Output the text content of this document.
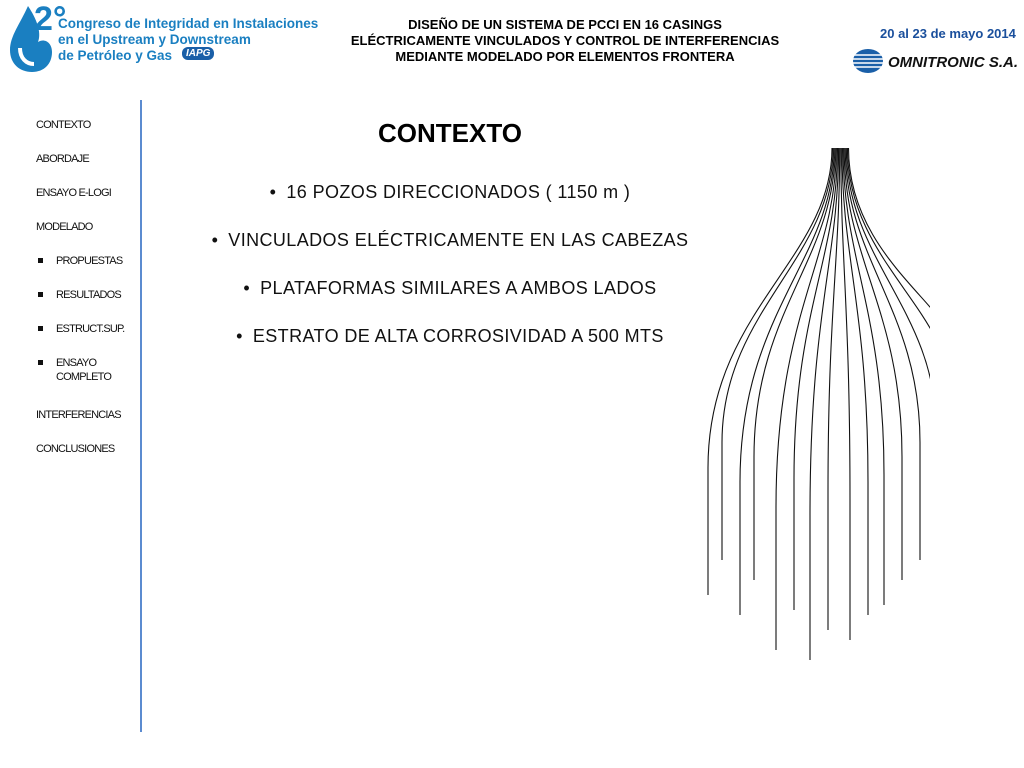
2°
Congreso de Integridad en Instalaciones
en el Upstream y Downstream
de Petróleo y Gas	IAPG
DISEÑO DE UN SISTEMA DE PCCI EN 16 CASINGS
ELÉCTRICAMENTE VINCULADOS Y CONTROL DE INTERFERENCIAS
MEDIANTE MODELADO POR ELEMENTOS FRONTERA
20 al 23 de mayo 2014
OMNITRONIC S.A.
CONTEXTO
ABORDAJE
ENSAYO E-LOGI
MODELADO
PROPUESTAS
RESULTADOS
ESTRUCT.SUP.
ENSAYO COMPLETO
INTERFERENCIAS
CONCLUSIONES
CONTEXTO
• 16 POZOS DIRECCIONADOS ( 1150 m )
• VINCULADOS ELÉCTRICAMENTE EN LAS CABEZAS
• PLATAFORMAS SIMILARES A AMBOS LADOS
• ESTRATO DE ALTA CORROSIVIDAD A 500 MTS
